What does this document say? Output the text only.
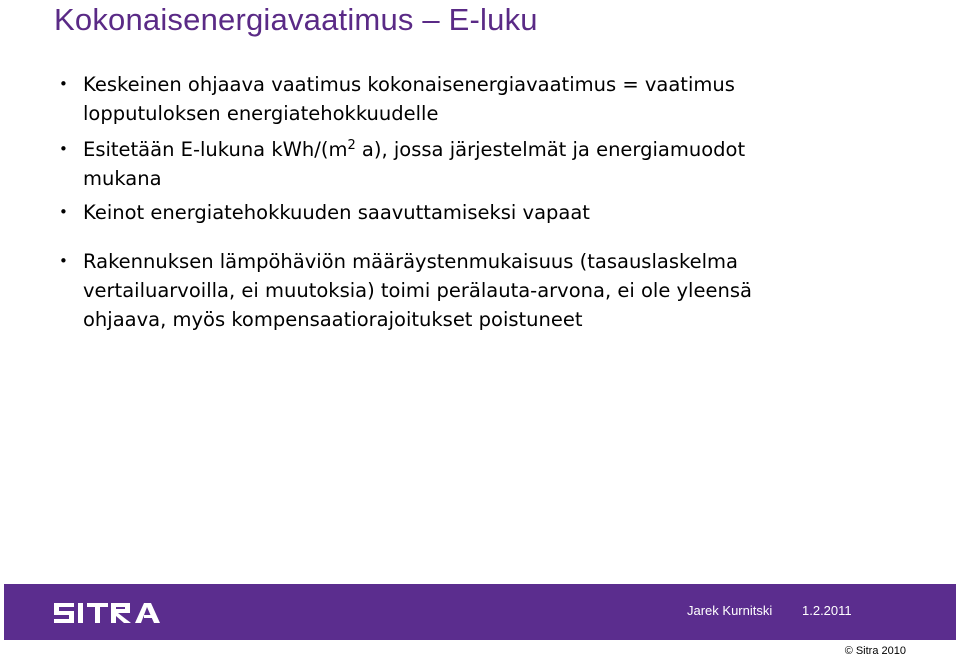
Kokonaisenergiavaatimus – E-luku
• Keskeinen ohjaava vaatimus kokonaisenergiavaatimus = vaatimus
lopputuloksen energiatehokkuudelle
• Esitetään E-lukuna kWh/($m^2$ a), jossa järjestelmät ja energiamuodot
mukana
• Keinot energiatehokkuuden saavuttamiseksi vapaat
• Rakennuksen lämpöhäviön määräystenmukaisuus (tasauslaskelma
vertailuarvoilla, ei muutoksia) toimi perälauta-arvona, ei ole yleensä
ohjaava, myös kompensaatiorajoitukset poistuneet
Jarek Kurnitski 1.2.2011
© Sitra 2010
